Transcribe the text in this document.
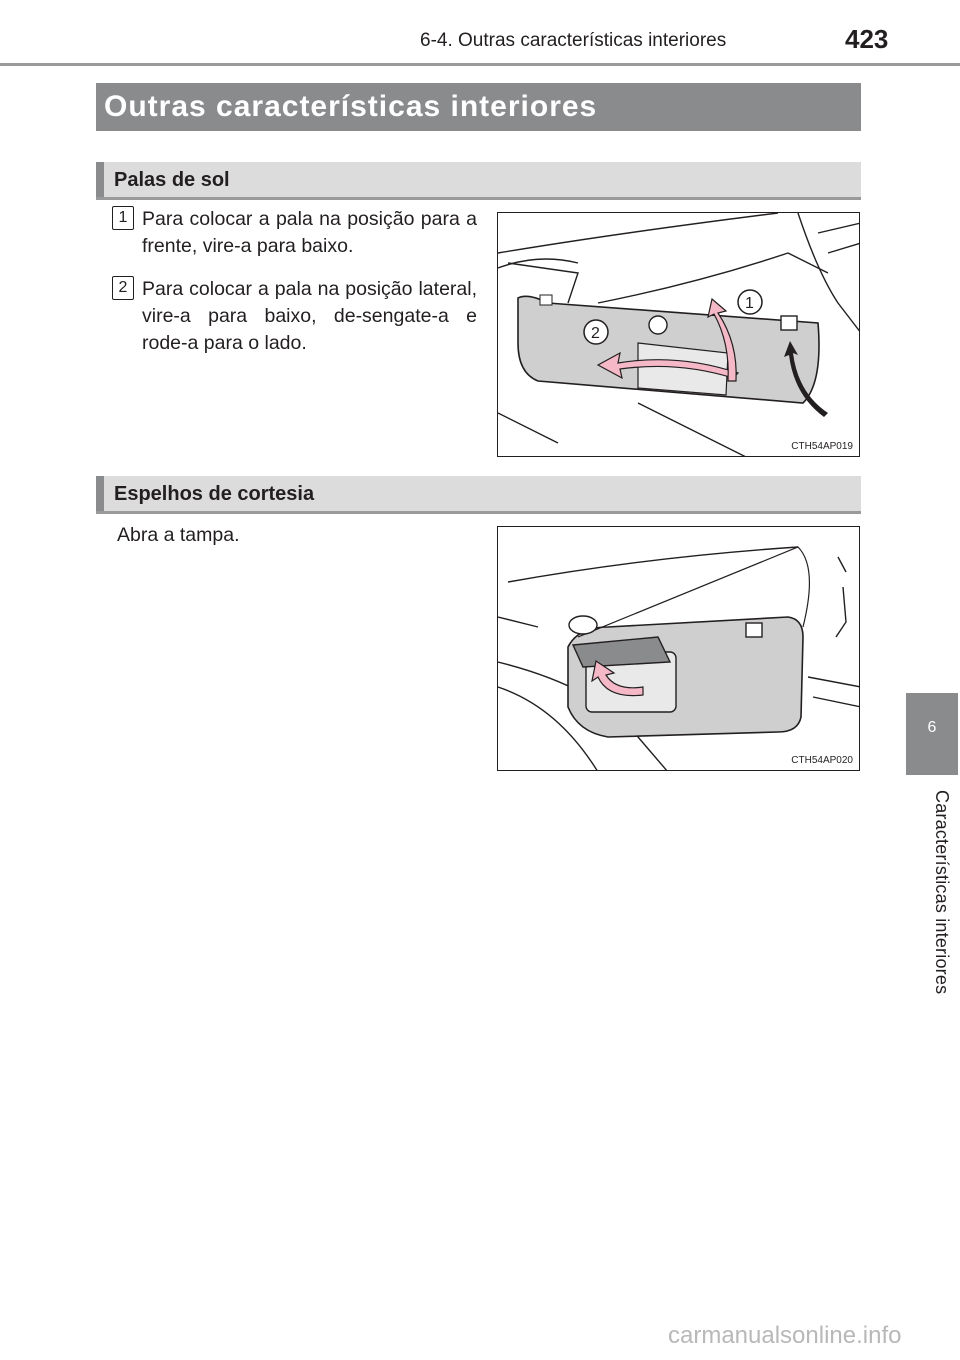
6-4. Outras características interiores	423
Outras características interiores
Palas de sol
1 Para colocar a pala na posição para a frente, vire-a para baixo.
2 Para colocar a pala na posição lateral, vire-a para baixo, de-sengate-a e rode-a para o lado.
1
2
CTH54AP019
Espelhos de cortesia
Abra a tampa.
CTH54AP020
6
Características interiores
carmanualsonline.info
